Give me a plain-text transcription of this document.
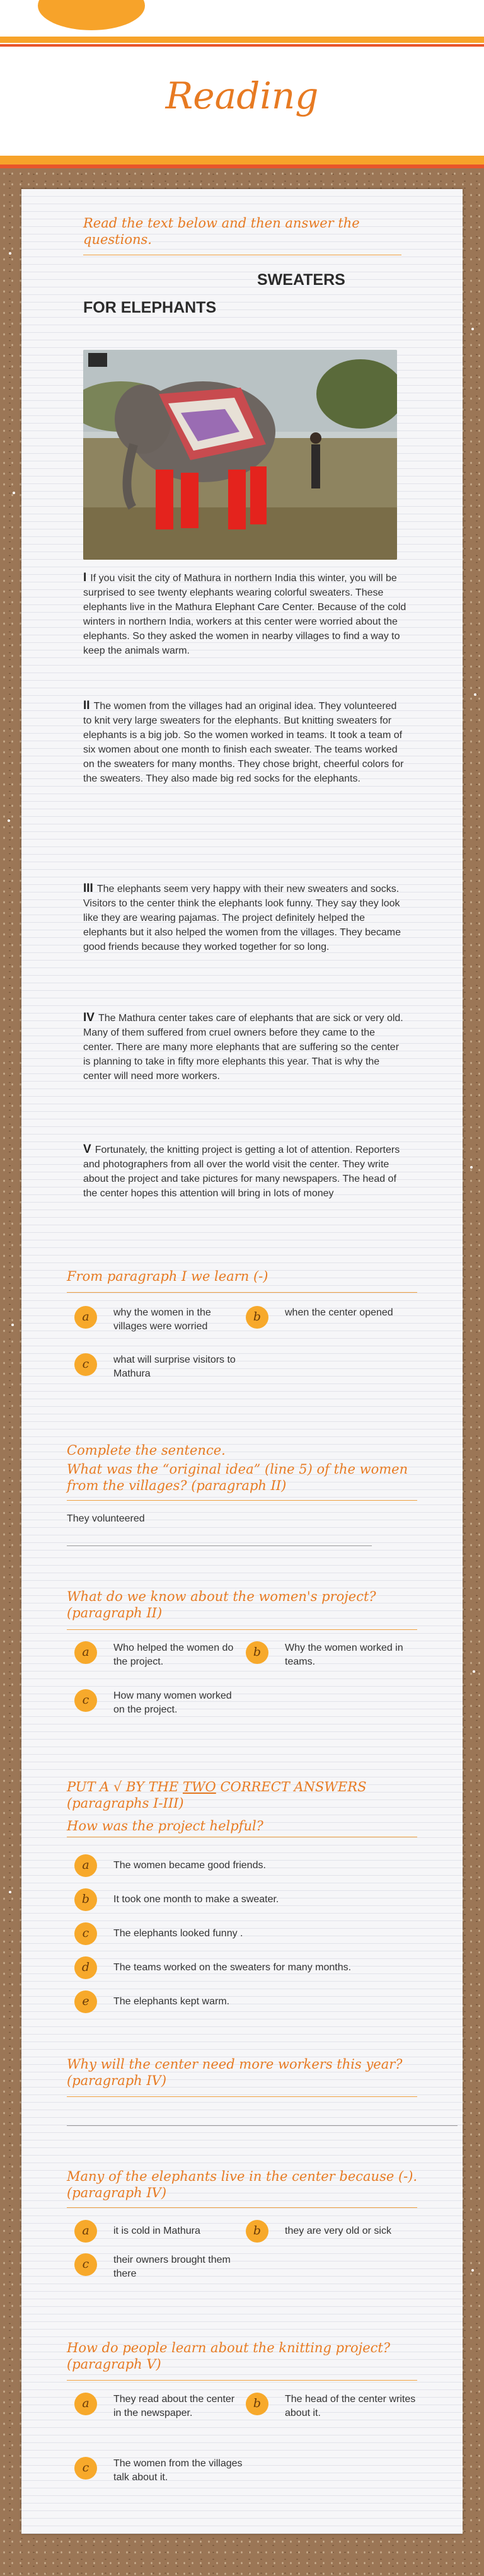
Reading
Read the text below and then answer the questions.
SWEATERS
FOR ELEPHANTS
I If you visit the city of Mathura in northern India this winter, you will be surprised to see twenty elephants wearing colorful sweaters. These elephants live in the Mathura Elephant Care Center. Because of the cold winters in northern India, workers at this center were worried about the elephants. So they asked the women in nearby villages to find a way to keep the animals warm.
II The women from the villages had an original idea. They volunteered to knit very large sweaters for the elephants. But knitting sweaters for elephants is a big job. So the women worked in teams. It took a team of six women about one month to finish each sweater. The teams worked on the sweaters for many months. They chose bright, cheerful colors for the sweaters. They also made big red socks for the elephants.
III The elephants seem very happy with their new sweaters and socks. Visitors to the center think the elephants look funny. They say they look like they are wearing pajamas. The project definitely helped the elephants but it also helped the women from the villages. They became good friends because they worked together for so long.
IV The Mathura center takes care of elephants that are sick or very old. Many of them suffered from cruel owners before they came to the center. There are many more elephants that are suffering so the center is planning to take in fifty more elephants this year. That is why the center will need more workers.
V Fortunately, the knitting project is getting a lot of attention. Reporters and photographers from all over the world visit the center. They write about the project and take pictures for many newspapers. The head of the center hopes this attention will bring in lots of money
From paragraph I we learn (-)
a	why the women in the villages were worried
b	when the center opened
c	what will surprise visitors to Mathura
Complete the sentence.
What was the “original idea” (line 5) of the women from the villages? (paragraph II)
They volunteered
What do we know about the women's project? (paragraph II)
a	Who helped the women do the project.
b	Why the women worked in teams.
c	How many women worked on the project.
PUT A √ BY THE TWO CORRECT ANSWERS (paragraphs I-III)
How was the project helpful?
a	The women became good friends.
b	It took one month to make a sweater.
c	The elephants looked funny .
d	The teams worked on the sweaters for many months.
e	The elephants kept warm.
Why will the center need more workers this year? (paragraph IV)
Many of the elephants live in the center because (-). (paragraph IV)
a	it is cold in Mathura	b	they are very old or sick
c	their owners brought them there
How do people learn about the knitting project? (paragraph V)
a	They read about the center in the newspaper.
b	The head of the center writes about it.
c	The women from the villages talk about it.
